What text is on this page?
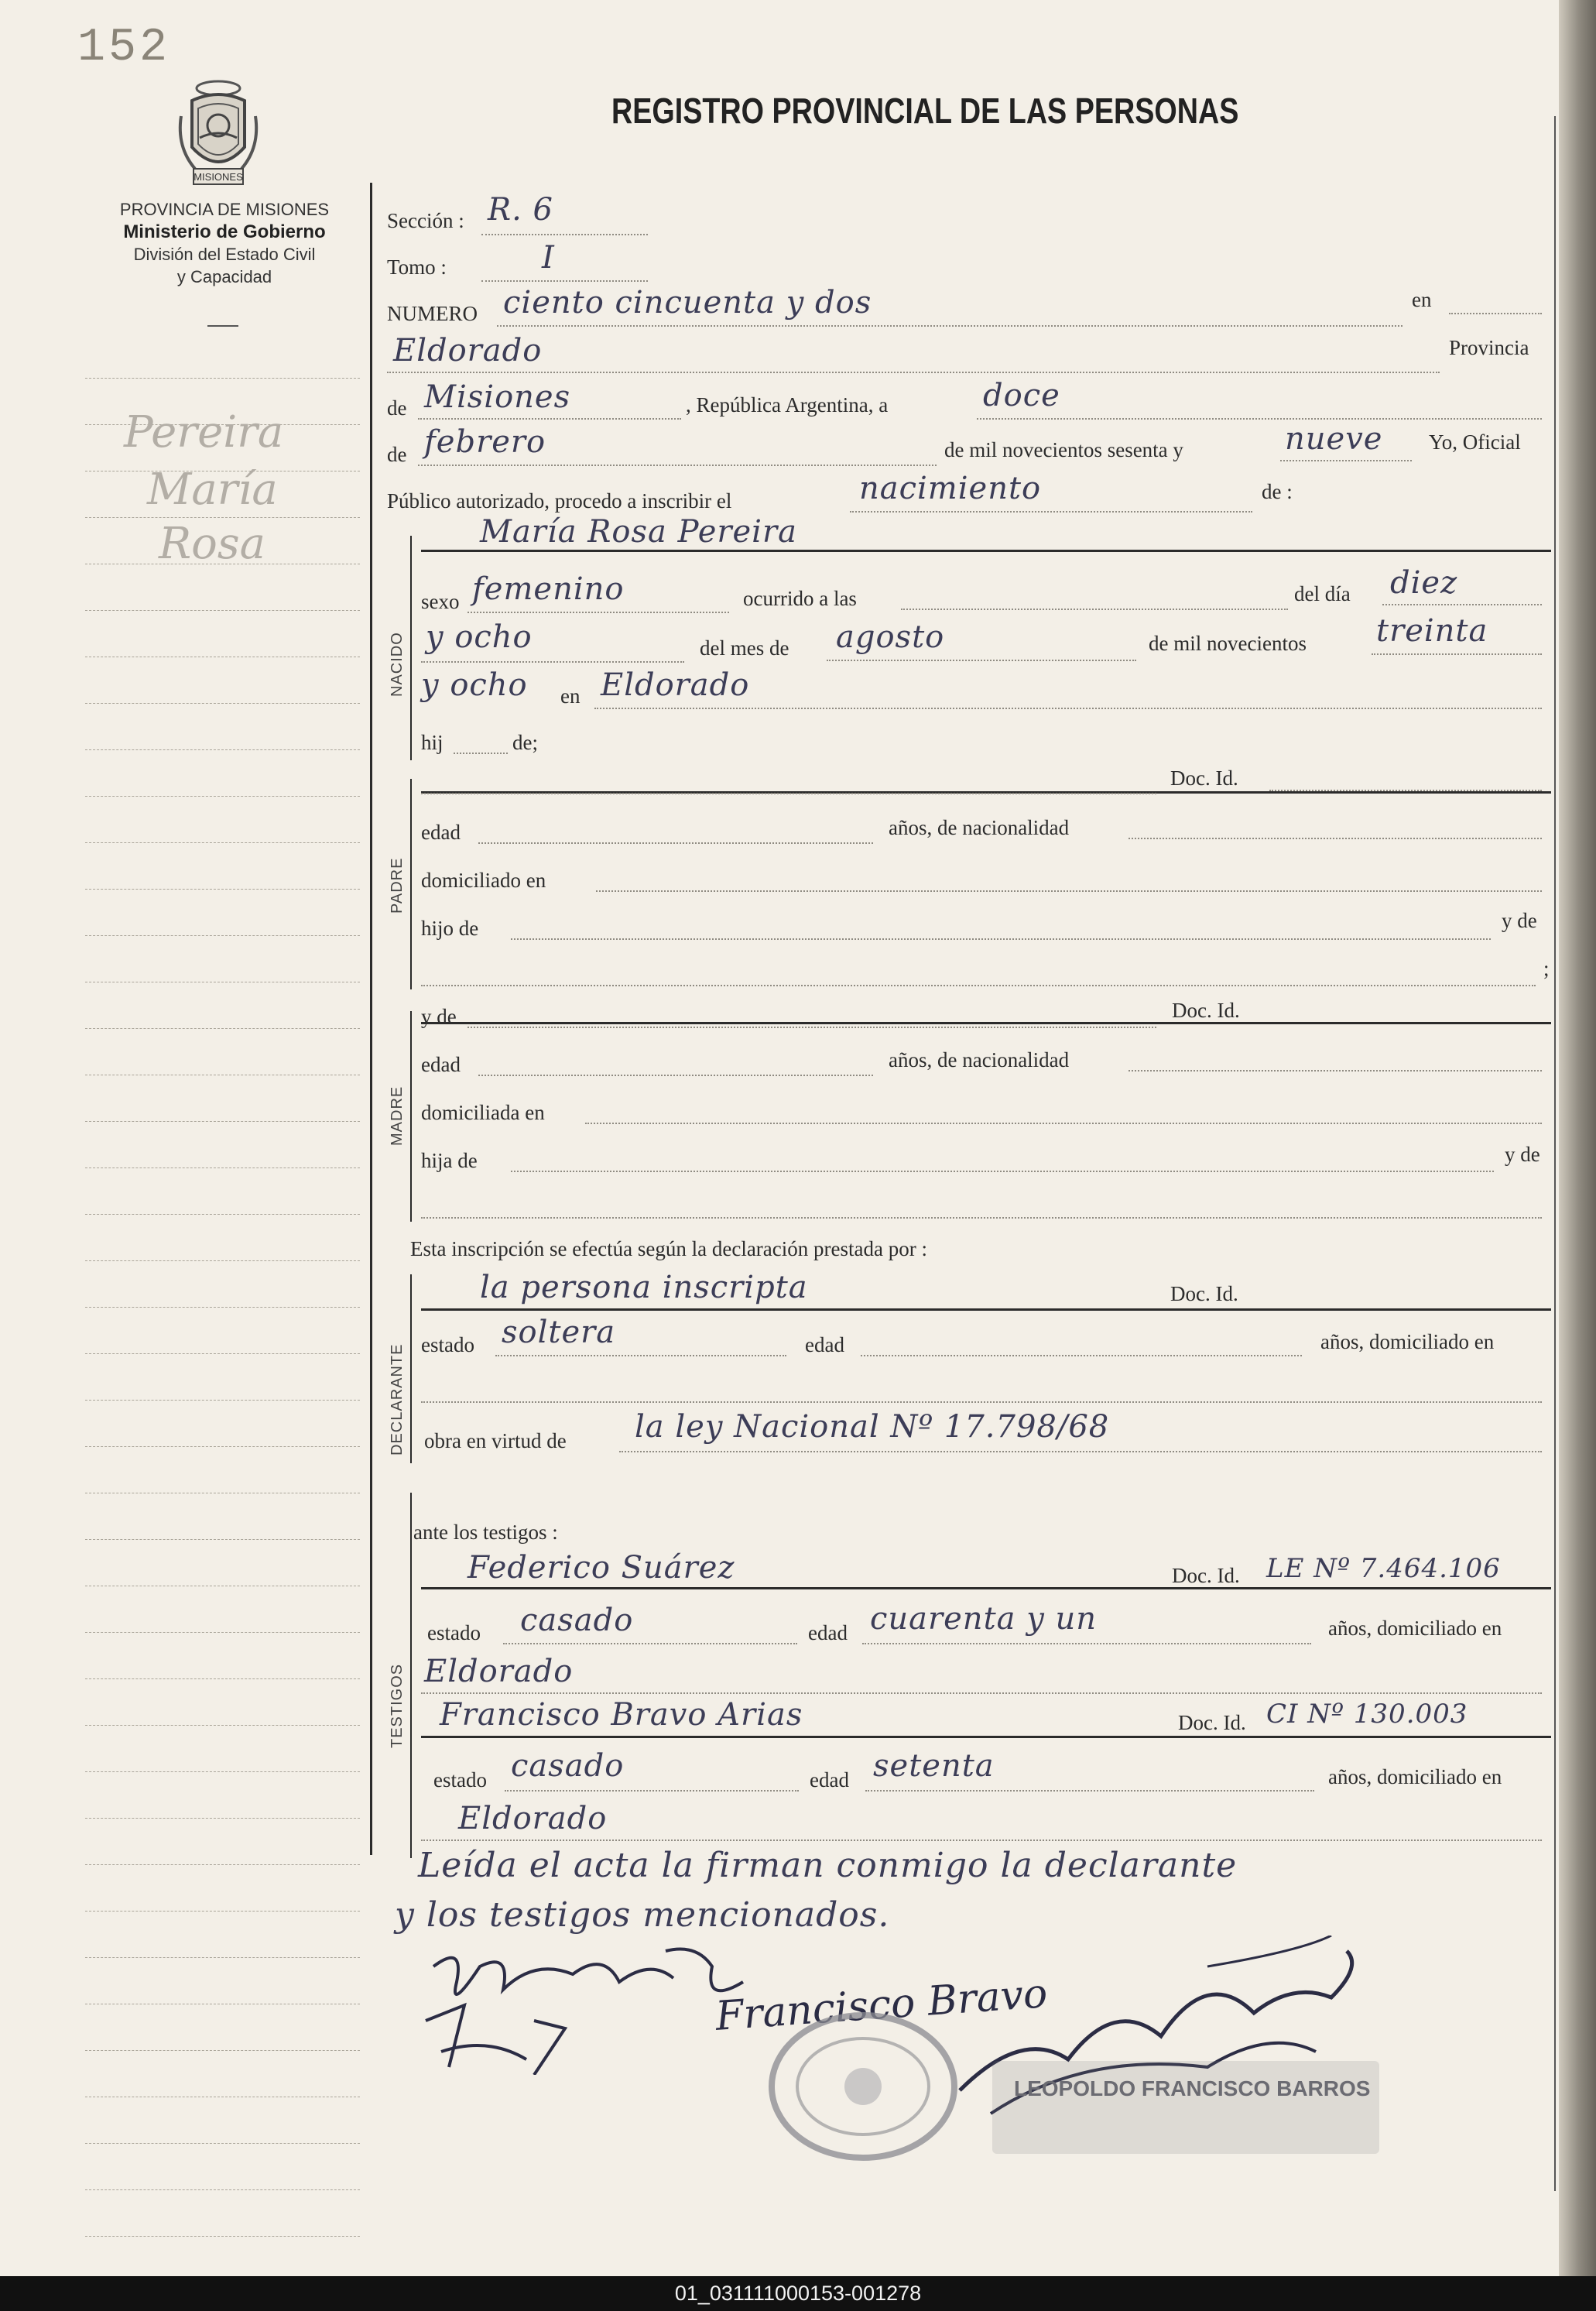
152
MISIONES
REGISTRO PROVINCIAL DE LAS PERSONAS
PROVINCIA DE MISIONES
Ministerio de Gobierno
División del Estado Civil
y Capacidad
Pereira
María
Rosa
NACIDO
PADRE
MADRE
DECLARANTE
TESTIGOS
Sección : R. 6
Tomo :	I
NUMERO ciento cincuenta y dos	en
Eldorado	Provincia
de Misiones	, República Argentina, a	doce
de febrero	de mil novecientos sesenta y	nueve Yo, Oficial
Público autorizado, procedo a inscribir el	nacimiento	de :
María Rosa Pereira
sexo femenino	ocurrido a las	del día diez
y ocho	del mes de agosto	de mil novecientos treinta
y ocho en Eldorado
hij	de;
Doc. Id.
edad	años, de nacionalidad
domiciliado en
hijo de	y de
;
y de	Doc. Id.
edad	años, de nacionalidad
domiciliada en
hija de	y de
Esta inscripción se efectúa según la declaración prestada por :
la persona inscripta	Doc. Id.
estado soltera	edad	años, domiciliado en
obra en virtud de la ley Nacional Nº 17.798/68
ante los testigos :
Federico Suárez	Doc. Id. LE Nº 7.464.106
estado casado	edad cuarenta y un	años, domiciliado en
Eldorado
Francisco Bravo Arias	Doc. Id. CI Nº 130.003
estado casado	edad setenta	años, domiciliado en
Eldorado
Leída el acta la firman conmigo la declarante
y los testigos mencionados.
Francisco Bravo
LEOPOLDO FRANCISCO BARROS
01_031111000153-001278
